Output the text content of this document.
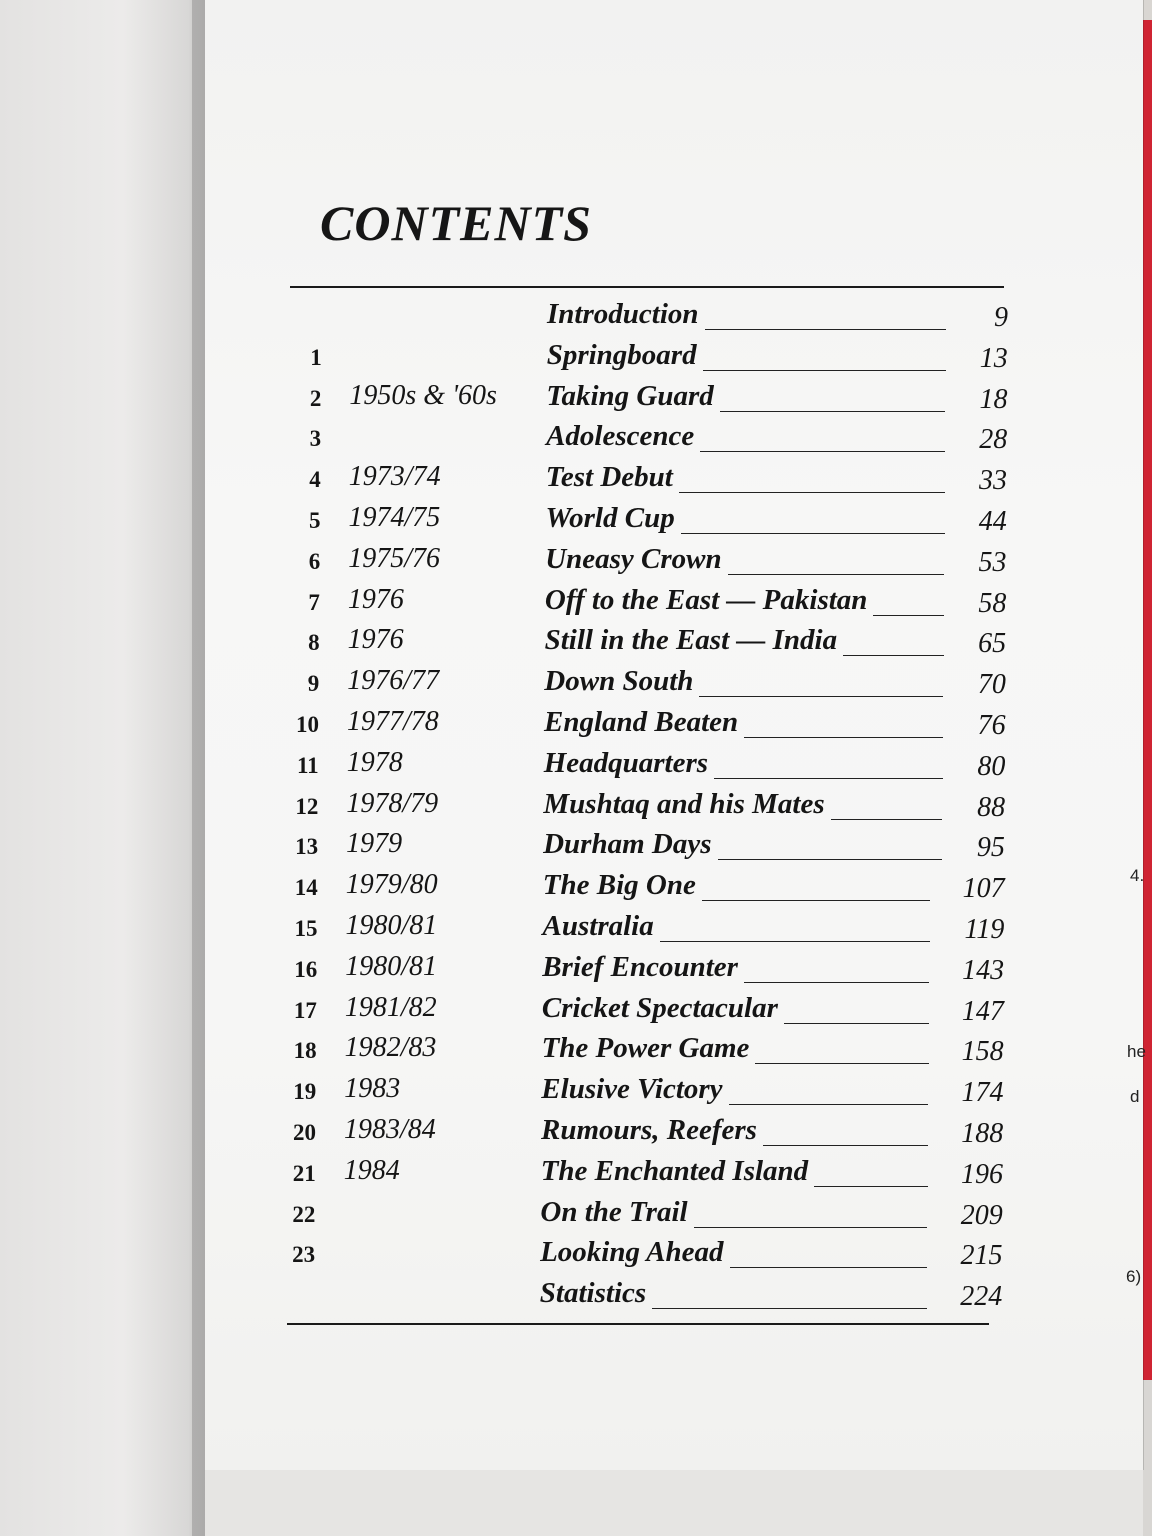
4.
he
d
6)
CONTENTS
Introduction	9
1	Springboard	13
2 1950s & '60s Taking Guard	18
3	Adolescence	28
4 1973/74	Test Debut	33
5 1974/75	World Cup	44
6 1975/76	Uneasy Crown	53
7 1976	Off to the East — Pakistan	58
8 1976	Still in the East — India	65
9 1976/77	Down South	70
10 1977/78	England Beaten	76
11 1978	Headquarters	80
12 1978/79	Mushtaq and his Mates	88
13 1979	Durham Days	95
14 1979/80	The Big One	107
15 1980/81	Australia	119
16 1980/81	Brief Encounter	143
17 1981/82	Cricket Spectacular	147
18 1982/83	The Power Game	158
19 1983	Elusive Victory	174
20 1983/84	Rumours, Reefers	188
21 1984	The Enchanted Island	196
22	On the Trail	209
23	Looking Ahead	215
Statistics	224
